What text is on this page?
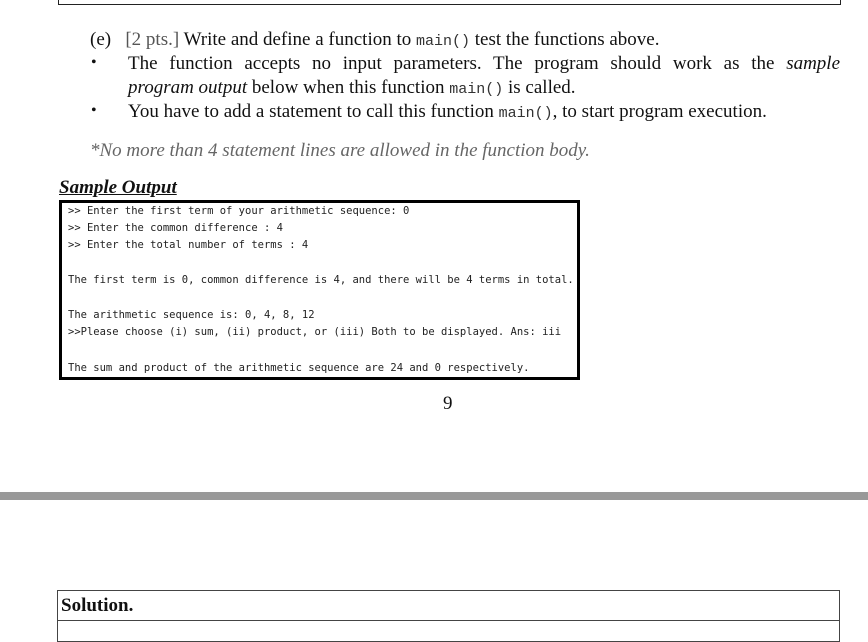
(e) [2 pts.] Write and define a function to main() test the functions above.
• The function accepts no input parameters. The program should work as the sample
program output below when this function main() is called.
• You have to add a statement to call this function main(), to start program execution.
*No more than 4 statement lines are allowed in the function body.
Sample Output
>> Enter the first term of your arithmetic sequence: 0
>> Enter the common difference : 4
>> Enter the total number of terms : 4
The first term is 0, common difference is 4, and there will be 4 terms in total.
The arithmetic sequence is: 0, 4, 8, 12
>>Please choose (i) sum, (ii) product, or (iii) Both to be displayed. Ans: iii
The sum and product of the arithmetic sequence are 24 and 0 respectively.
9
Solution.
